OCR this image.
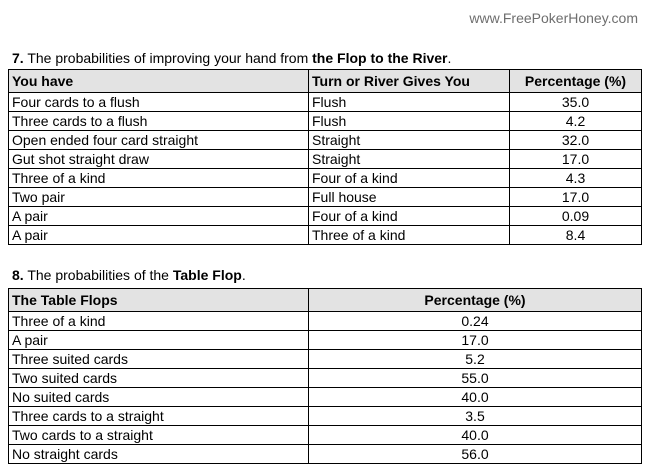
www.FreePokerHoney.com
7. The probabilities of improving your hand from the Flop to the River.
You have	Turn or River Gives You	Percentage (%)
Four cards to a flush	Flush	35.0
Three cards to a flush	Flush	4.2
Open ended four card straight	Straight	32.0
Gut shot straight draw	Straight	17.0
Three of a kind	Four of a kind	4.3
Two pair	Full house	17.0
A pair	Four of a kind	0.09
A pair	Three of a kind	8.4
8. The probabilities of the Table Flop.
The Table Flops	Percentage (%)
Three of a kind	0.24
A pair	17.0
Three suited cards	5.2
Two suited cards	55.0
No suited cards	40.0
Three cards to a straight	3.5
Two cards to a straight	40.0
No straight cards	56.0
